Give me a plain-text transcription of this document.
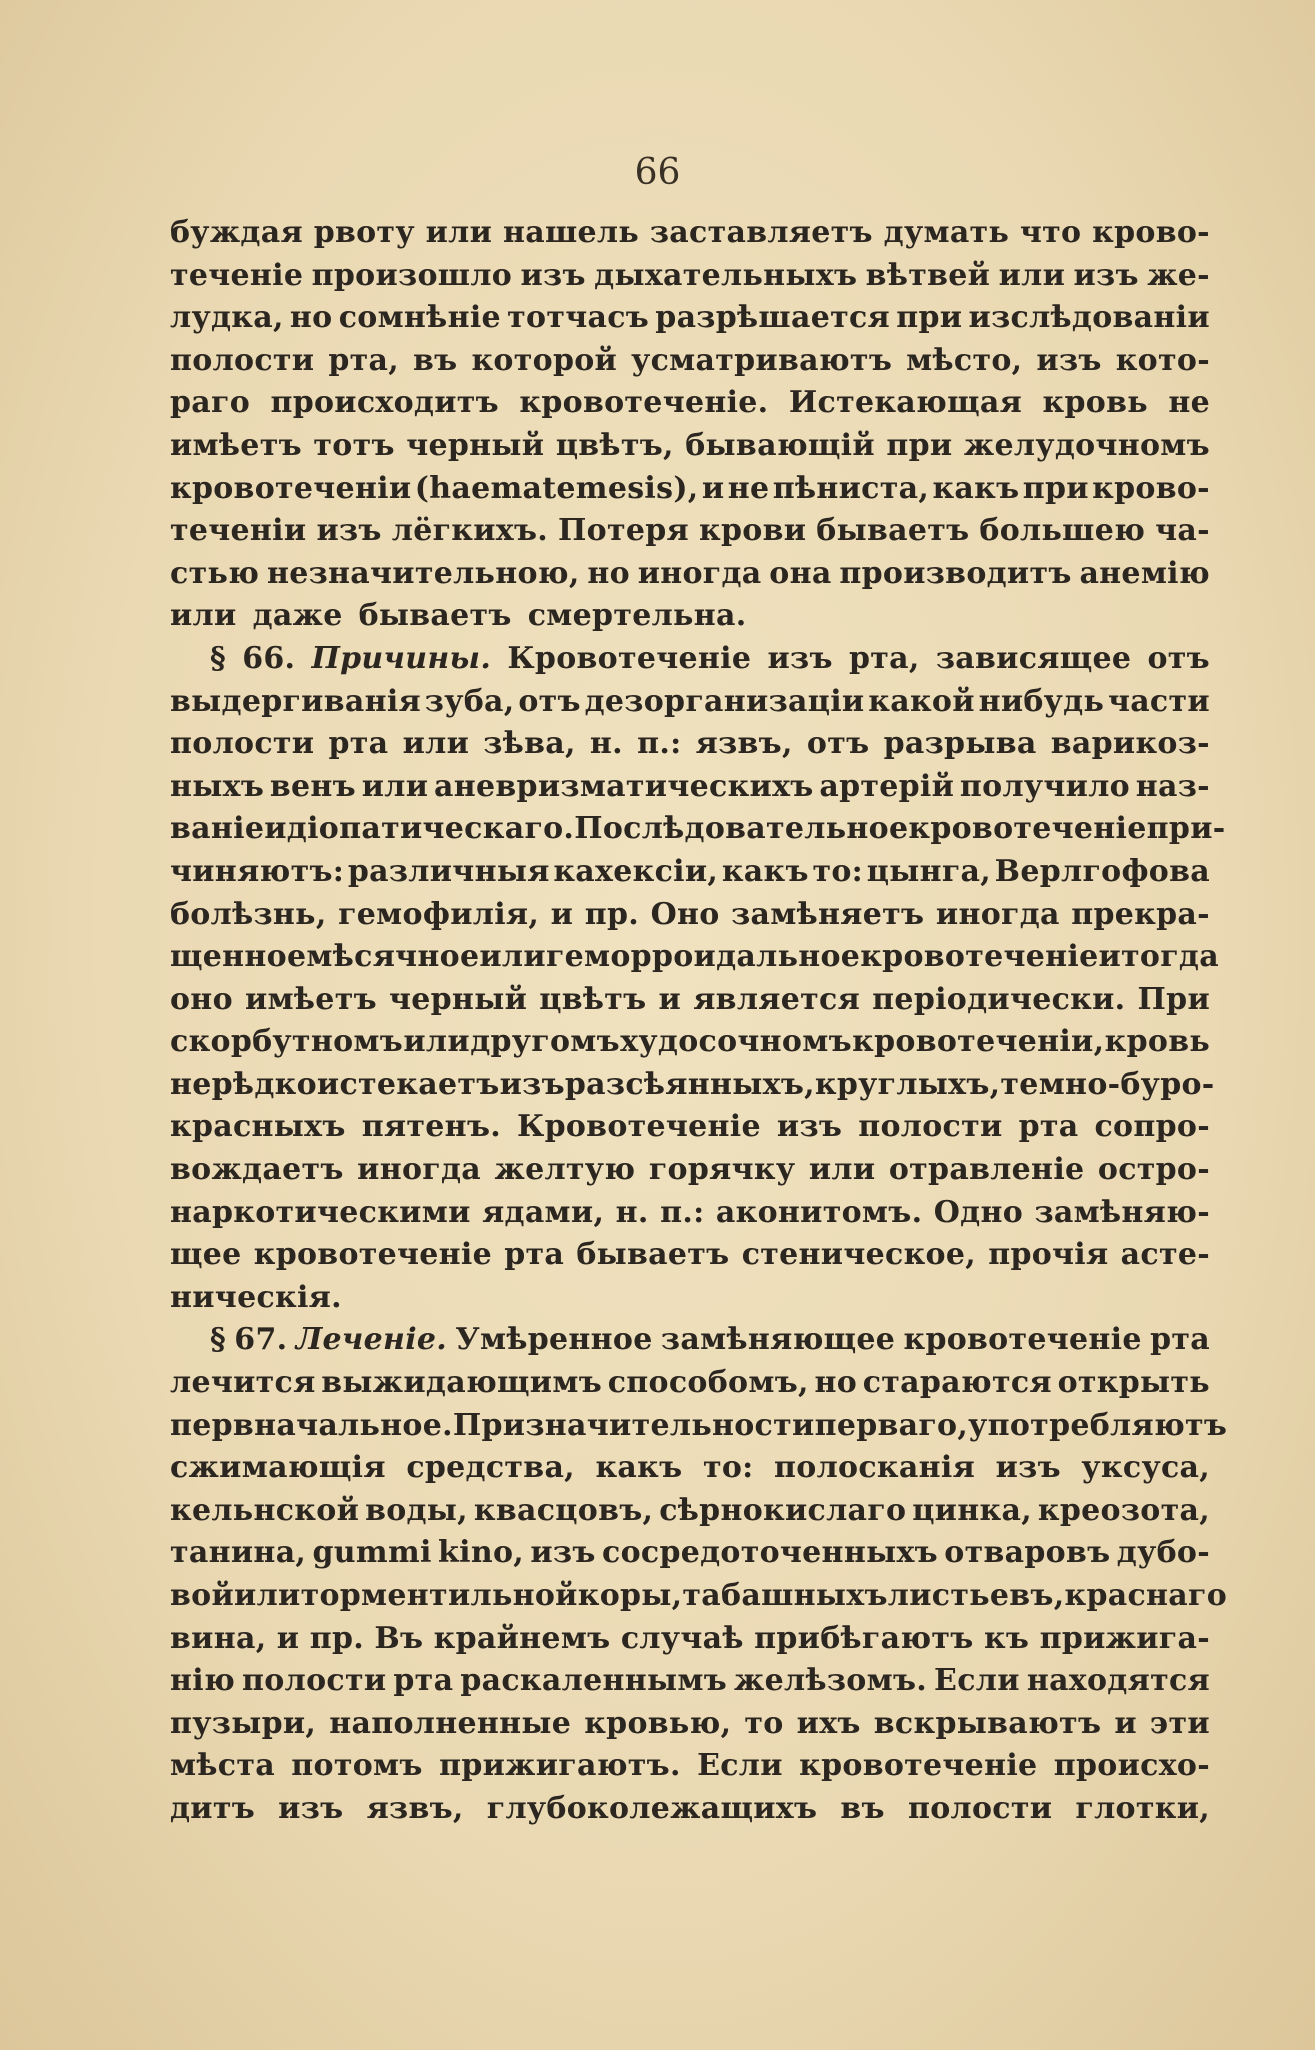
66
буждая рвоту или нашель заставляетъ думать что крово-
теченіе произошло изъ дыхательныхъ вѣтвей или изъ же-
лудка, но сомнѣніе тотчасъ разрѣшается при изслѣдованіи
полости рта, въ которой усматриваютъ мѣсто, изъ кото-
раго происходитъ кровотеченіе. Истекающая кровь не
имѣетъ тотъ черный цвѣтъ, бывающій при желудочномъ
кровотеченіи (haematemesis), и не пѣниста, какъ при крово-
теченіи изъ лёгкихъ. Потеря крови бываетъ большею ча-
стью незначительною, но иногда она производитъ анемію
или даже бываетъ смертельна.
§ 66. Причины. Кровотеченіе изъ рта, зависящее отъ
выдергиванія зуба, отъ дезорганизаціи какой нибудь части
полости рта или зѣва, н. п.: язвъ, отъ разрыва варикоз-
ныхъ венъ или аневризматическихъ артерій получило наз-
ваніе идіопатическаго. Послѣдовательное кровотеченіе при-
чиняютъ: различныя кахексіи, какъ то: цынга, Верлгофова
болѣзнь, гемофилія, и пр. Оно замѣняетъ иногда прекра-
щенное мѣсячное или геморроидальное кровотеченіе и тогда
оно имѣетъ черный цвѣтъ и является періодически. При
скорбутномъ или другомъ худосочномъ кровотеченіи, кровь
нерѣдко истекаетъ изъ разсѣянныхъ, круглыхъ, темно-буро-
красныхъ пятенъ. Кровотеченіе изъ полости рта сопро-
вождаетъ иногда желтую горячку или отравленіе остро-
наркотическими ядами, н. п.: аконитомъ. Одно замѣняю-
щее кровотеченіе рта бываетъ стеническое, прочія асте-
ническія.
§ 67. Леченіе. Умѣренное замѣняющее кровотеченіе рта
лечится выжидающимъ способомъ, но стараются открыть
первначальное. При значительности перваго, употребляютъ
сжимающія средства, какъ то: полосканія изъ уксуса,
кельнской воды, квасцовъ, сѣрнокислаго цинка, креозота,
танина, gummi kino, изъ сосредоточенныхъ отваровъ дубо-
вой или торментильной коры, табашныхъ листьевъ, краснаго
вина, и пр. Въ крайнемъ случаѣ прибѣгаютъ къ прижига-
нію полости рта раскаленнымъ желѣзомъ. Если находятся
пузыри, наполненные кровью, то ихъ вскрываютъ и эти
мѣста потомъ прижигаютъ. Если кровотеченіе происхо-
дитъ изъ язвъ, глубоколежащихъ въ полости глотки,
